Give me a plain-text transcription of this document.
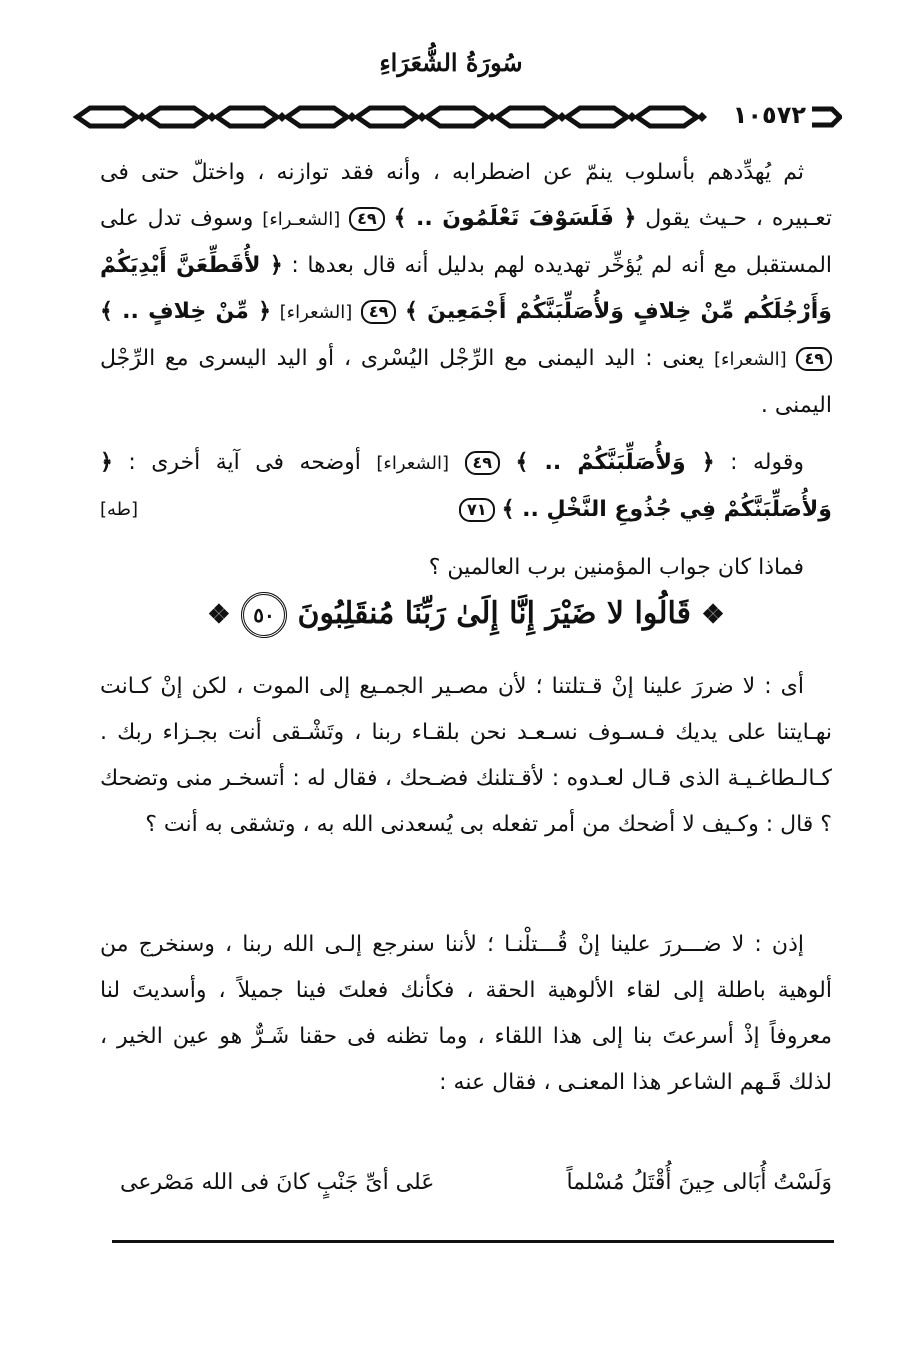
سُورَةُ الشُّعَرَاءِ
١٠٥٧٢
ثم يُهدِّدهم بأسلوب ينمّ عن اضطرابه ، وأنه فقد توازنه ، واختلّ حتى فى تعـبيره ، حـيث يقول ﴿ فَلَسَوْفَ تَعْلَمُونَ .. ﴾ ٤٩ [الشعـراء] وسوف تدل على المستقبل مع أنه لم يُؤخِّر تهديده لهم بدليل أنه قال بعدها : ﴿ لأُقَطِّعَنَّ أَيْدِيَكُمْ وَأَرْجُلَكُم مِّنْ خِلافٍ وَلأُصَلِّبَنَّكُمْ أَجْمَعِينَ ﴾ ٤٩ [الشعراء] ﴿ مِّنْ خِلافٍ .. ﴾ ٤٩ [الشعراء] يعنى : اليد اليمنى مع الرِّجْل اليُسْرى ، أو اليد اليسرى مع الرِّجْل اليمنى .
وقوله : ﴿ وَلأُصَلِّبَنَّكُمْ .. ﴾ ٤٩ [الشعراء] أوضحه فى آية أخرى : ﴿ وَلأُصَلِّبَنَّكُمْ فِي جُذُوعِ النَّخْلِ .. ﴾ ٧١
[طه]
فماذا كان جواب المؤمنين برب العالمين ؟
❖ قَالُوا لا ضَيْرَ إِنَّا إِلَىٰ رَبِّنَا مُنقَلِبُونَ ٥٠ ❖
أى : لا ضررَ علينا إنْ قـتلتنا ؛ لأن مصـير الجمـيع إلى الموت ، لكن إنْ كـانت نهـايتنا على يديك فـسـوف نسـعـد نحن بلقـاء ربنا ، وتَشْـقى أنت بجـزاء ربك . كـالـطاغـيـة الذى قـال لعـدوه : لأقـتلنك فضـحك ، فقال له : أتسخـر منى وتضحك ؟ قال : وكـيف لا أضحك من أمر تفعله بى يُسعدنى الله به ، وتشقى به أنت ؟
إذن : لا ضـــررَ علينا إنْ قُـــتلْنـا ؛ لأننا سنرجع إلـى الله ربنا ، وسنخرج من ألوهية باطلة إلى لقاء الألوهية الحقة ، فكأنك فعلتَ فينا جميلاً ، وأسديتَ لنا معروفاً إذْ أسرعتَ بنا إلى هذا اللقاء ، وما تظنه فى حقنا شَـرٌّ هو عين الخير ، لذلك قَـهم الشاعر هذا المعنـى ، فقال عنه :
وَلَسْتُ أُبَالى حِينَ أُقْتَلُ مُسْلماً
عَلى أىِّ جَنْبٍ كانَ فى الله مَصْرعى
